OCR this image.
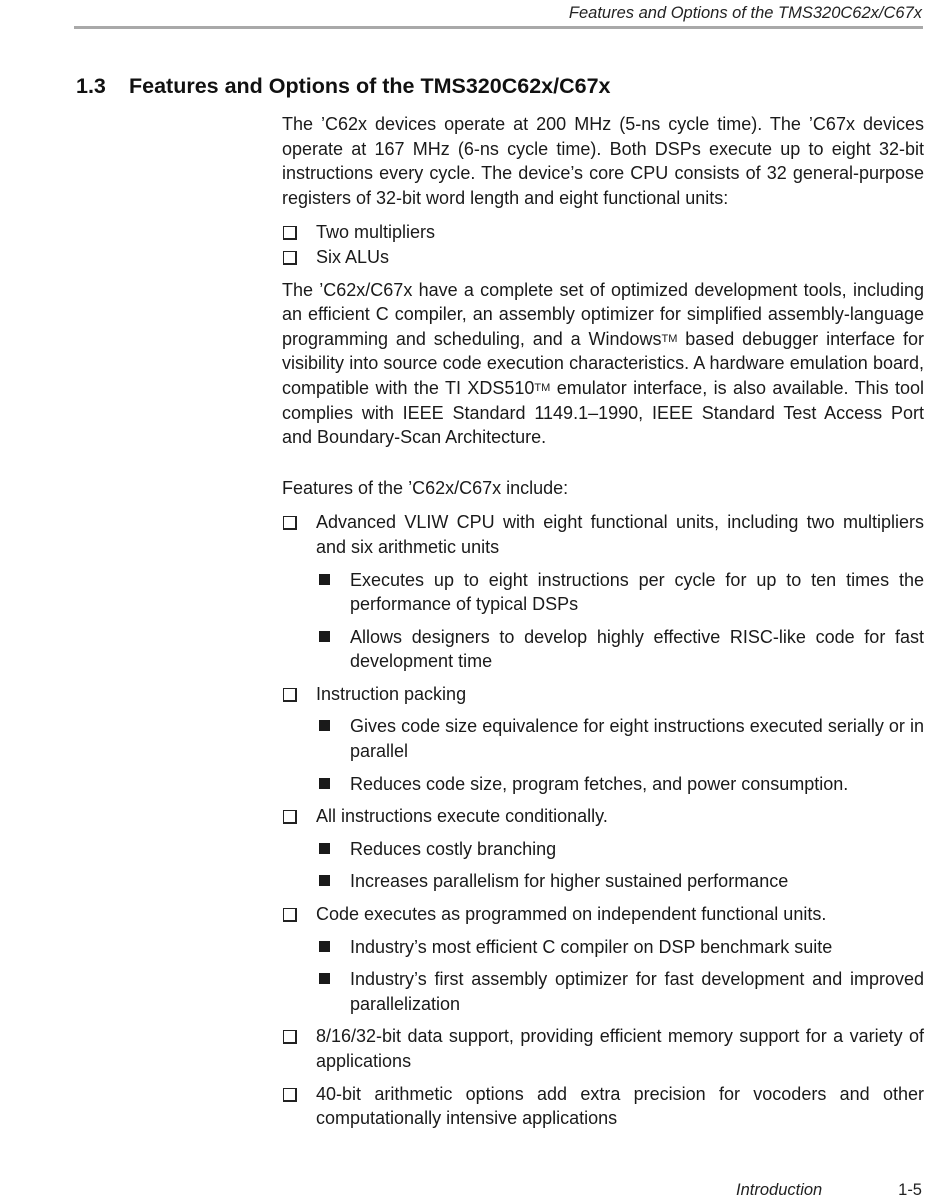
Features and Options of the TMS320C62x/C67x
1.3 Features and Options of the TMS320C62x/C67x

The ’C62x devices operate at 200 MHz (5-ns cycle time). The ’C67x devices operate at 167 MHz (6-ns cycle time). Both DSPs execute up to eight 32-bit instructions every cycle. The device’s core CPU consists of 32 general-purpose registers of 32-bit word length and eight functional units:

Two multipliers
Six ALUs

The ’C62x/C67x have a complete set of optimized development tools, including an efficient C compiler, an assembly optimizer for simplified assembly-language programming and scheduling, and a WindowsTM based debugger interface for visibility into source code execution characteristics. A hardware emulation board, compatible with the TI XDS510TM emulator interface, is also available. This tool complies with IEEE Standard 1149.1–1990, IEEE Standard Test Access Port and Boundary-Scan Architecture.

Features of the ’C62x/C67x include:

Advanced VLIW CPU with eight functional units, including two multipliers and six arithmetic units
Executes up to eight instructions per cycle for up to ten times the performance of typical DSPs
Allows designers to develop highly effective RISC-like code for fast development time
Instruction packing
Gives code size equivalence for eight instructions executed serially or in parallel
Reduces code size, program fetches, and power consumption.
All instructions execute conditionally.
Reduces costly branching
Increases parallelism for higher sustained performance
Code executes as programmed on independent functional units.
Industry’s most efficient C compiler on DSP benchmark suite
Industry’s first assembly optimizer for fast development and improved parallelization
8/16/32-bit data support, providing efficient memory support for a variety of applications
40-bit arithmetic options add extra precision for vocoders and other computationally intensive applications
Introduction	1-5
